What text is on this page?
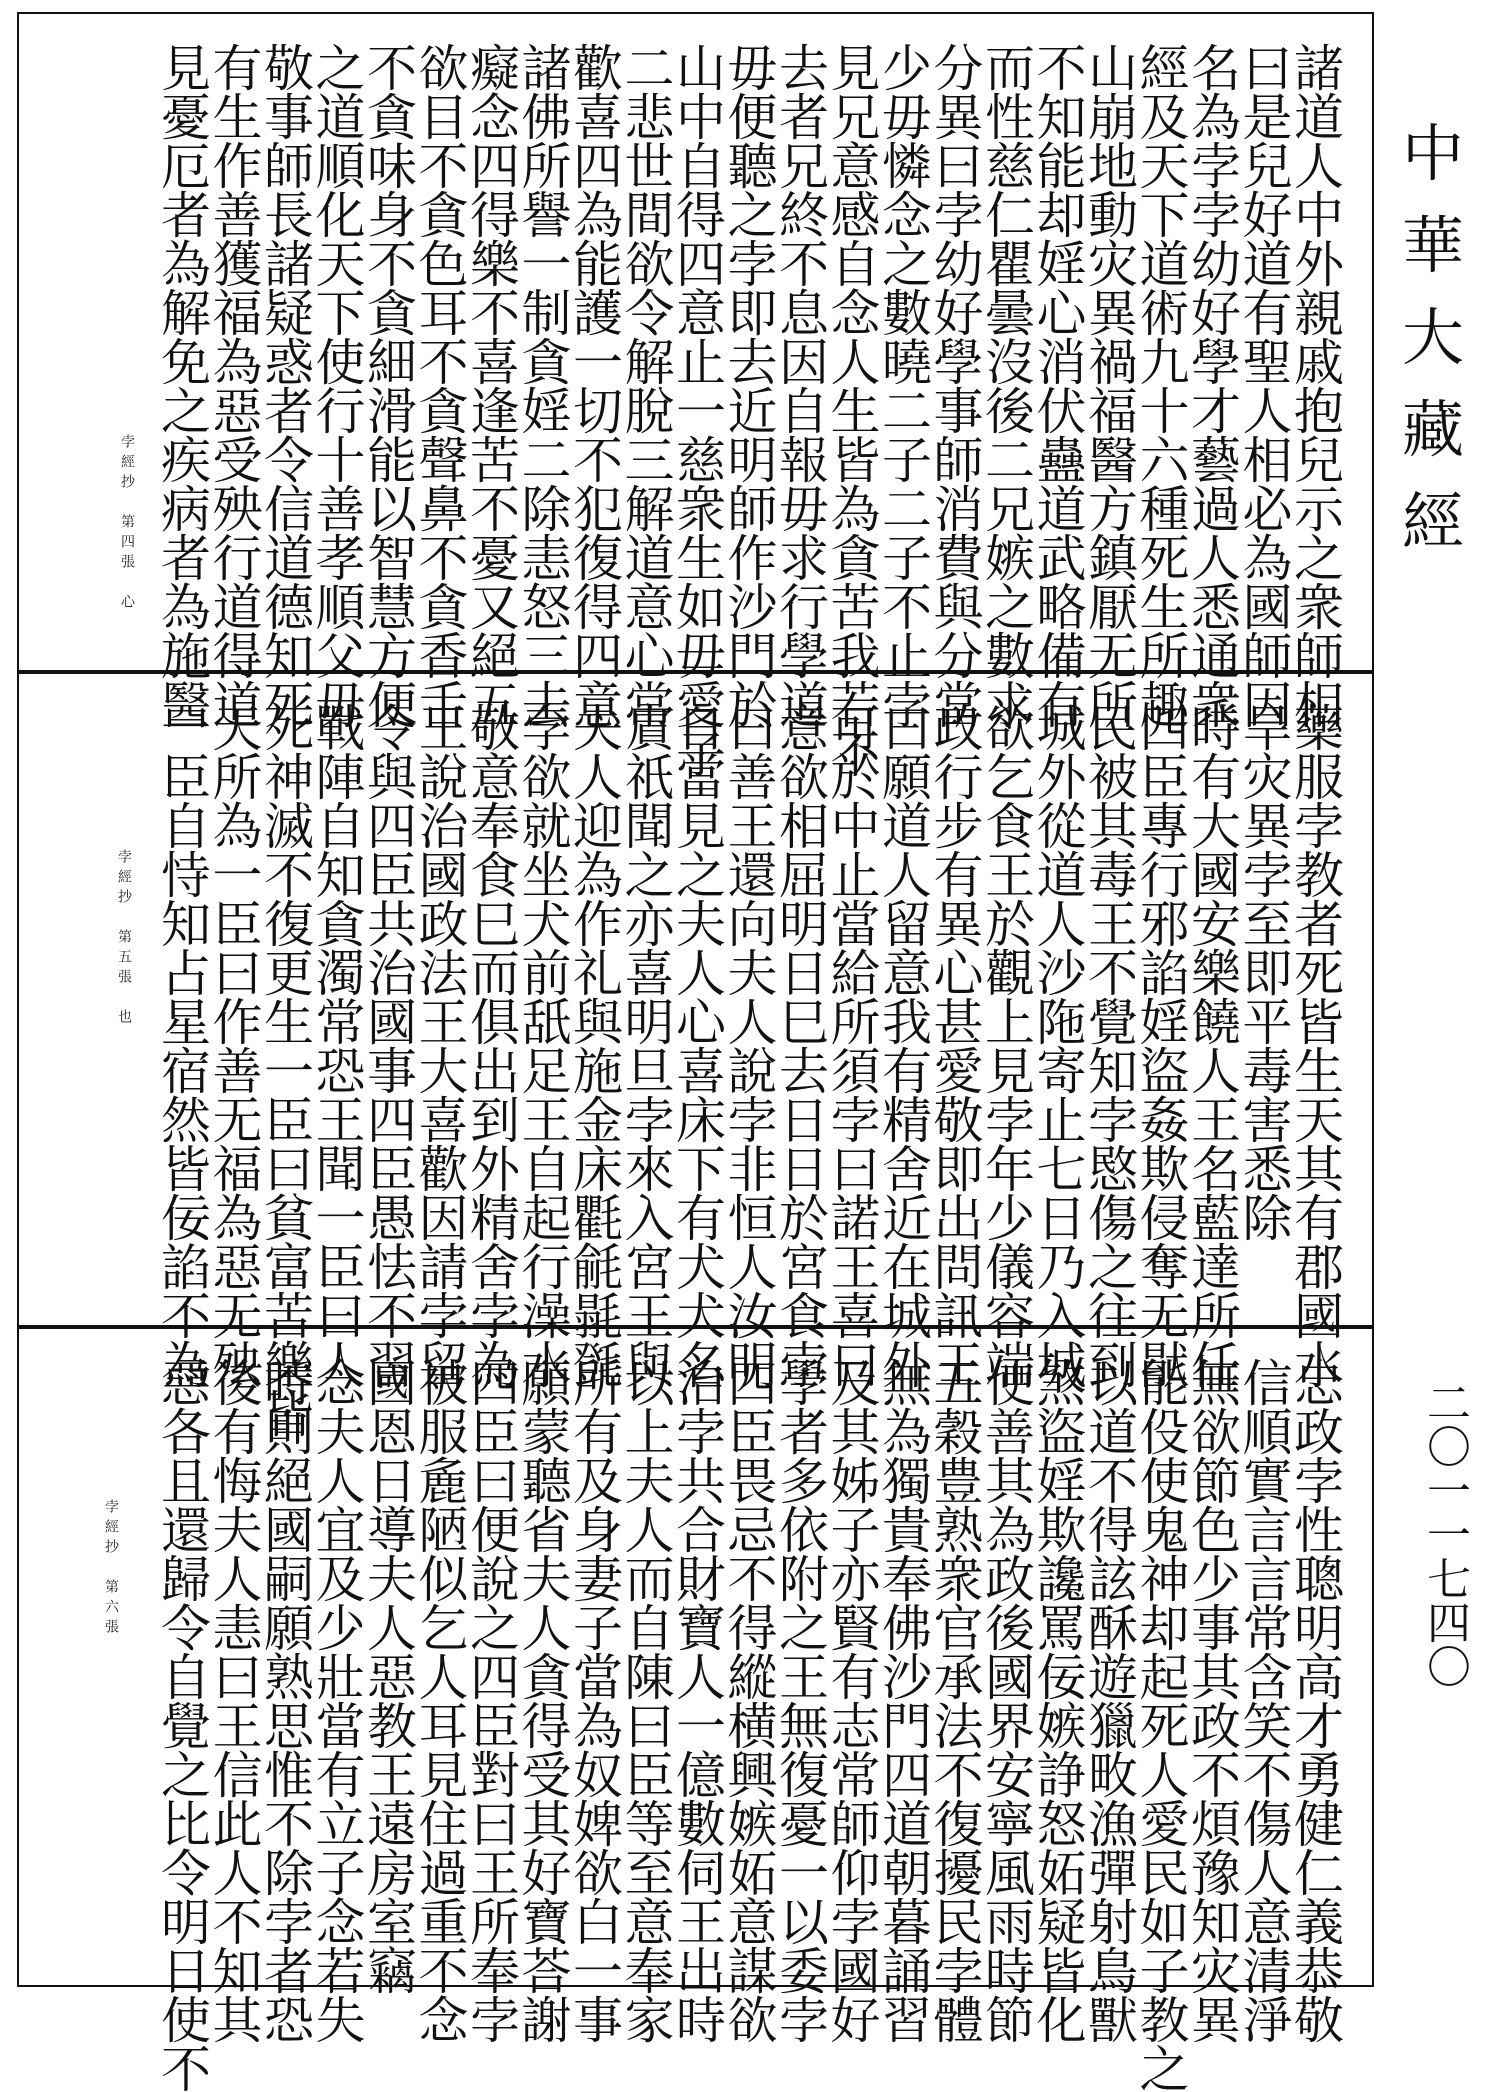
中
華
大
藏
經
二〇一一七四〇
諸道人中外親戚抱兒示之衆師相
曰是兒好道有聖人相必為國師因
名為孛孛幼好學才藝過人悉通衆
經及天下道術九十六種死生所趣
山崩地動灾異禍福醫方鎮厭无所
不知能却婬心消伏蠱道武略備有
而性慈仁瞿曇沒後二兄嫉之數求
分異曰孛幼好學事師消費與分當
少毋憐念之數曉二子二子不止孛
見兄意感自念人生皆為貪苦我若不
去者兄終不息因自報毋求行學道
毋便聽之孛即去近明師作沙門於
山中自得四意止一慈衆生如毋愛子
二悲世間欲令解脫三解道意心常
歡喜四為能護一切不犯復得四意
諸佛所譽一制貪婬二除恚怒三去
癡念四得樂不喜逢苦不憂又絕五
欲目不貪色耳不貪聲鼻不貪香舌
不貪味身不貪細滑能以智慧方便
之道順化天下使行十善孝順父毋
敬事師長諸疑惑者令信道德知死
有生作善獲福為惡受殃行道得道
見憂厄者為解免之疾病者為施醫
孛經抄　第四張　心
藥服孛教者死皆生天其有郡國水
旱灾異孛至即平毒害悉除
時有大國安樂饒人王名藍達所任
四臣專行邪諂婬盜姦欺侵奪无猒
民被其毒王不覺知孛愍傷之往到
城外從道人沙陁寄止七日乃入城
欲乞食王於觀上見孛年少儀容端
政行步有異心甚愛敬即出問訊王
曰願道人留意我有精舍近在城外
可於中止當給所須孛曰諾王喜曰
意欲相屈明日巳去日日於宮食孛
曰善王還向夫人說孛非恒人汝明
日當見之夫人心喜床下有犬犬名
賔祇聞之亦喜明旦孛來入宮王與
夫人迎為作礼與施金床氍毹毾㲪
孛欲就坐犬前舐足王自起行澡水
敬意奉食巳而俱出到外精舍孛為
王說治國政法王大喜歡因請孛留
令與四臣共治國事四臣愚怯不習
戰陣自知貪濁常恐王聞一臣曰人
死神滅不復更生一臣曰貧富苦樂皆
天所為一臣曰作善无福為惡无殃
一臣自恃知占星宿然皆佞諂不為
孛經抄　第五張　也
忠政孛性聰明高才勇健仁義恭敬
信順實言言常含笑不傷人意清淨
無欲節色少事其政不煩豫知灾異
能伇使鬼神却起死人愛民如子教之
以道不得詃酥遊獵畋漁彈射鳥獸
煞盜婬欺讒罵佞嫉諍怒妬疑皆化
使善其為政後國界安寧風雨時節
五穀豊熟衆官承法不復擾民孛體
無為獨貴奉佛沙門四道朝暮誦習
及其姊子亦賢有志常師仰孛國好
學者多依附之王無復憂一以委孛
四臣畏忌不得縱横興嫉妬意謀欲
治孛共合財寶人一億數伺王出時
以上夫人而自陳曰臣等至意奉家
所有及身妻子當為奴婢欲白一事
願蒙聽省夫人貪得受其好寶荅謝
四臣曰便說之四臣對曰王所奉孛
被服麁陋似乞人耳見住過重不念
國恩日導夫人惡教王遠房室竊
念夫人宜及少壯當有立子念若失
時則絕國嗣願熟思惟不除孛者恐
後有悔夫人恚曰王信此人不知其
惡各且還歸令自覺之比令明日使不
孛經抄　第六張
